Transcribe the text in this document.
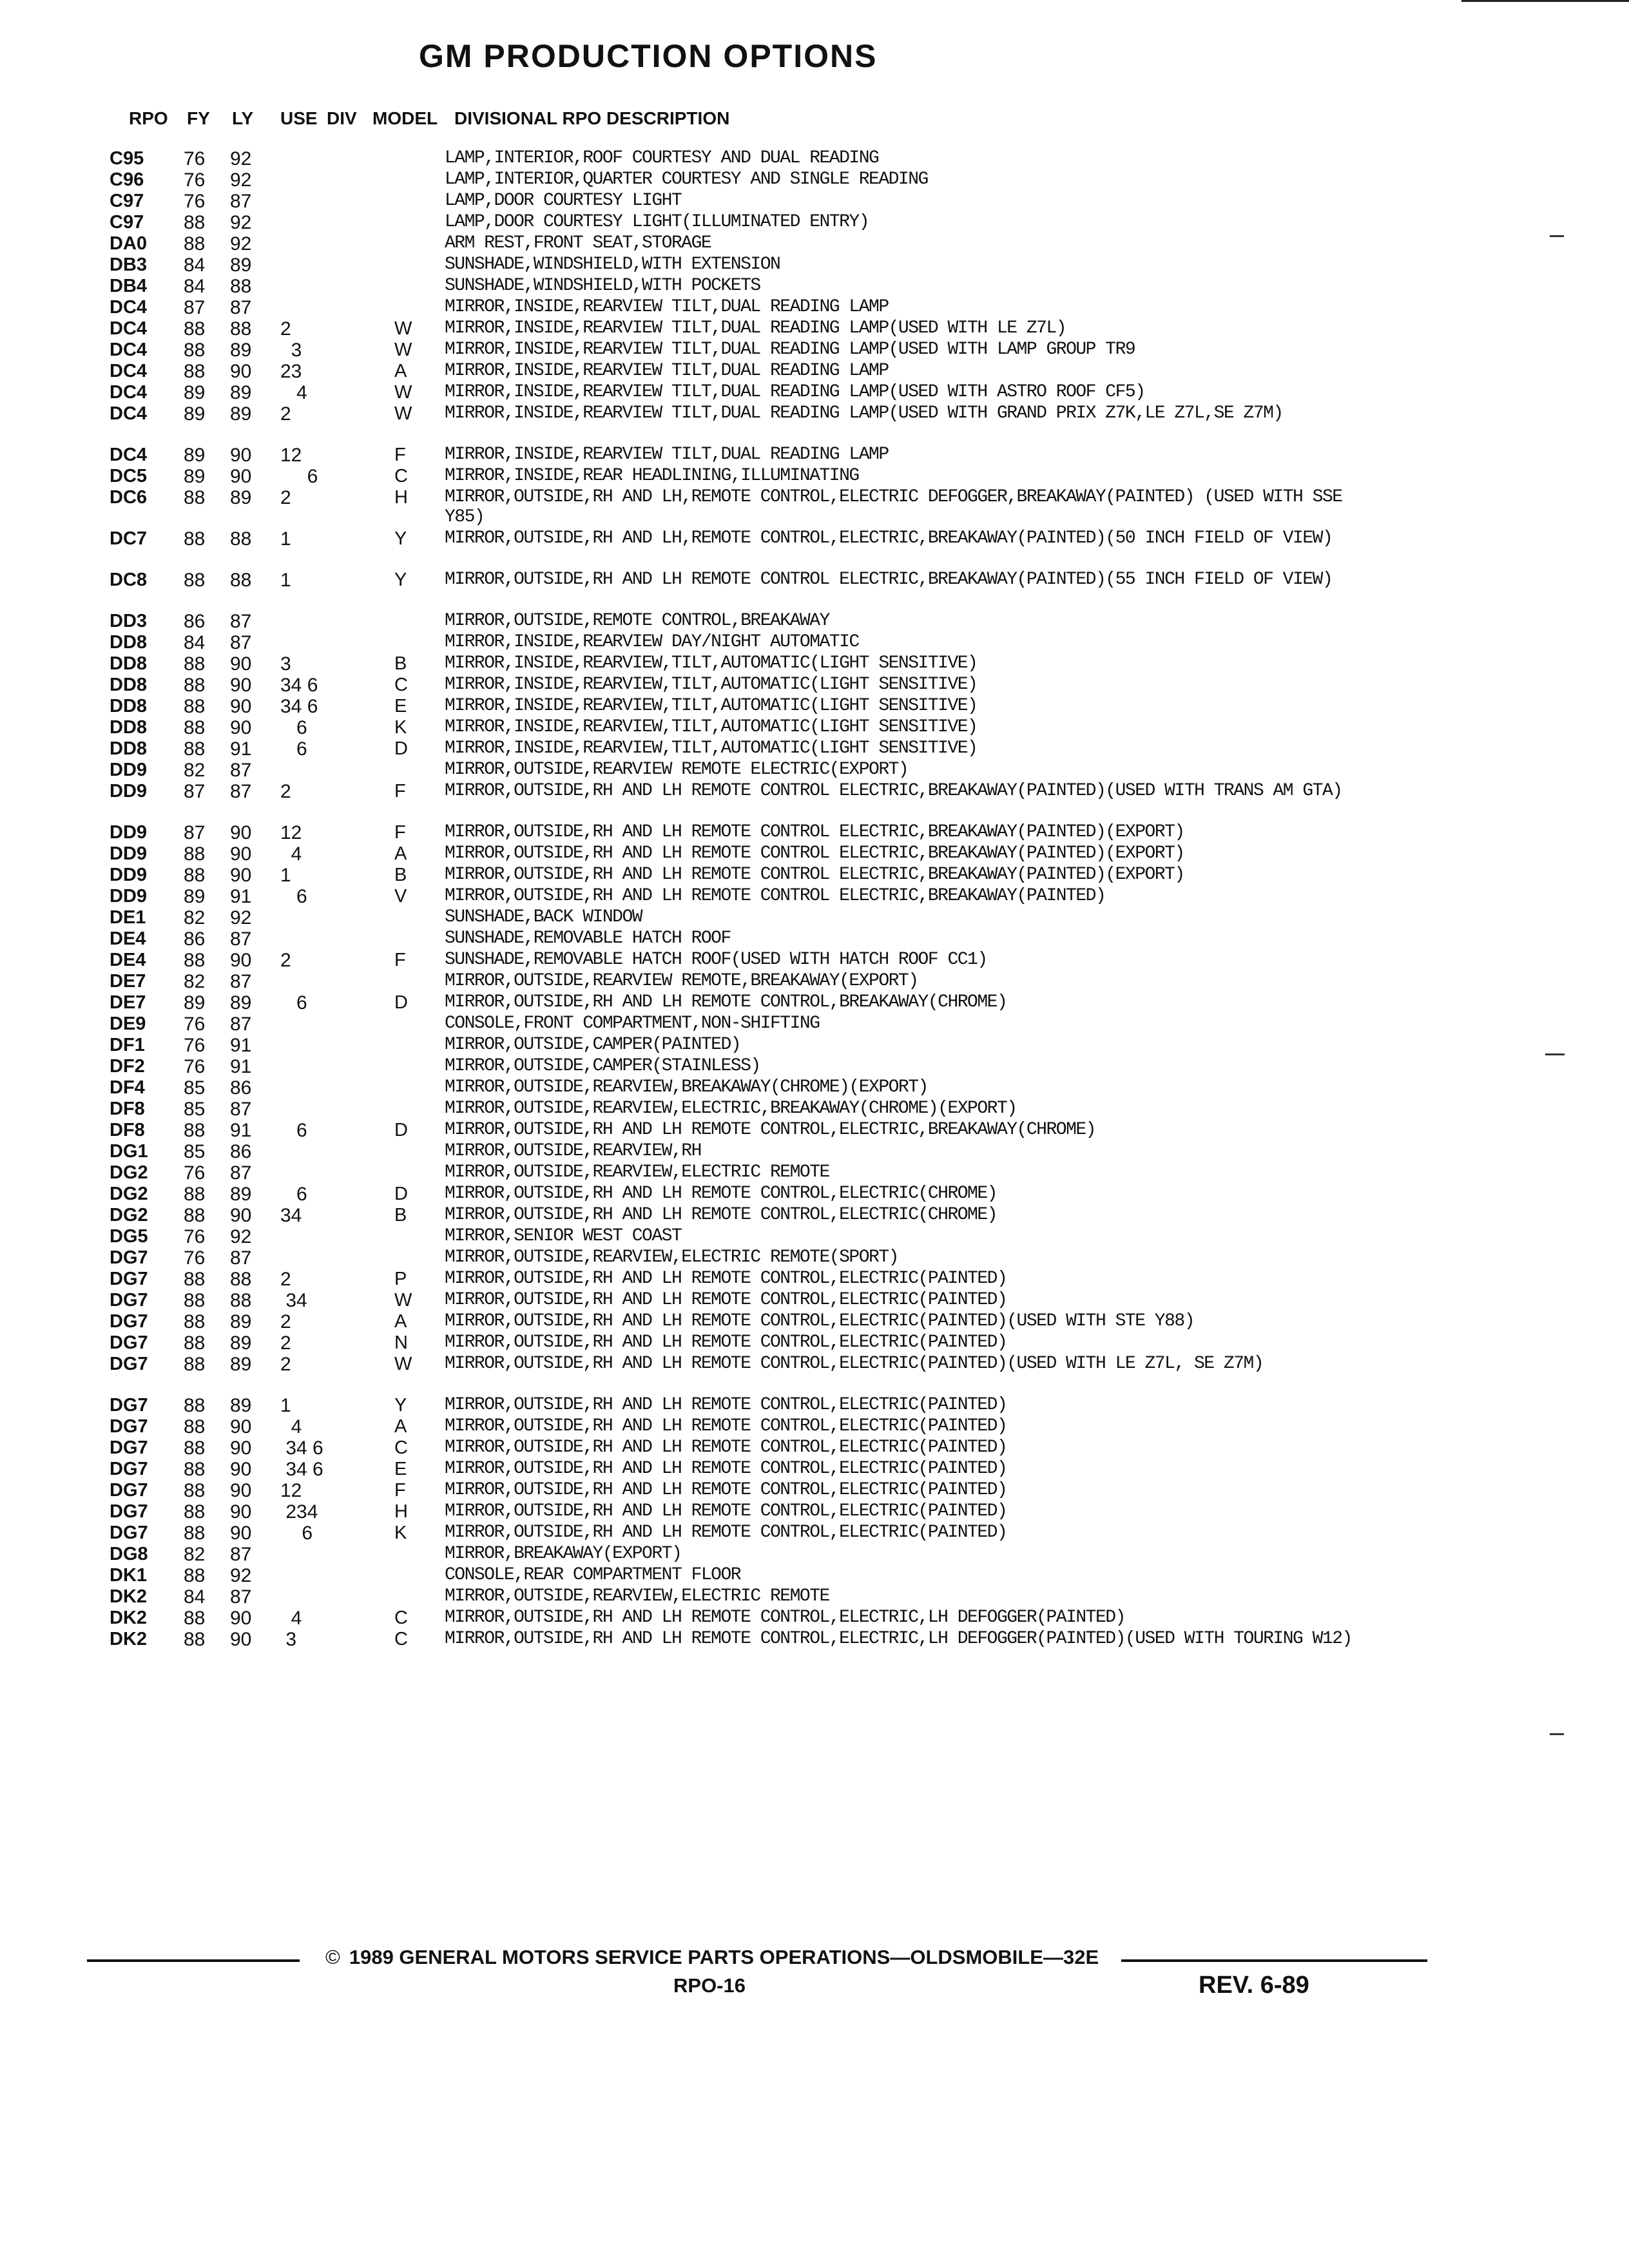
GM PRODUCTION OPTIONS
RPO FY LY USE DIV MODEL DIVISIONAL RPO DESCRIPTION
C95 76 92	LAMP,INTERIOR,ROOF COURTESY AND DUAL READING
C96 76 92	LAMP,INTERIOR,QUARTER COURTESY AND SINGLE READING
C97 76 87	LAMP,DOOR COURTESY LIGHT
C97 88 92	LAMP,DOOR COURTESY LIGHT(ILLUMINATED ENTRY)
DA0 88 92	ARM REST,FRONT SEAT,STORAGE
DB3 84 89	SUNSHADE,WINDSHIELD,WITH EXTENSION
DB4 84 88	SUNSHADE,WINDSHIELD,WITH POCKETS
DC4 87 87	MIRROR,INSIDE,REARVIEW TILT,DUAL READING LAMP
DC4 88 88 2	W MIRROR,INSIDE,REARVIEW TILT,DUAL READING LAMP(USED WITH LE Z7L)
DC4 88 89 3	W MIRROR,INSIDE,REARVIEW TILT,DUAL READING LAMP(USED WITH LAMP GROUP TR9
DC4 88 90 23	A MIRROR,INSIDE,REARVIEW TILT,DUAL READING LAMP
DC4 89 89 4	W MIRROR,INSIDE,REARVIEW TILT,DUAL READING LAMP(USED WITH ASTRO ROOF CF5)
DC4 89 89 2	W MIRROR,INSIDE,REARVIEW TILT,DUAL READING LAMP(USED WITH GRAND PRIX Z7K,LE Z7L,SE Z7M)
DC4 89 90 12	F MIRROR,INSIDE,REARVIEW TILT,DUAL READING LAMP
DC5 89 90 6	C MIRROR,INSIDE,REAR HEADLINING,ILLUMINATING
DC6 88 89 2	H MIRROR,OUTSIDE,RH AND LH,REMOTE CONTROL,ELECTRIC DEFOGGER,BREAKAWAY(PAINTED) (USED WITH SSE Y85)
DC7 88 88 1	Y MIRROR,OUTSIDE,RH AND LH,REMOTE CONTROL,ELECTRIC,BREAKAWAY(PAINTED)(50 INCH FIELD OF VIEW)
DC8 88 88 1	Y MIRROR,OUTSIDE,RH AND LH REMOTE CONTROL ELECTRIC,BREAKAWAY(PAINTED)(55 INCH FIELD OF VIEW)
DD3 86 87	MIRROR,OUTSIDE,REMOTE CONTROL,BREAKAWAY
DD8 84 87	MIRROR,INSIDE,REARVIEW DAY/NIGHT AUTOMATIC
DD8 88 90 3	B MIRROR,INSIDE,REARVIEW,TILT,AUTOMATIC(LIGHT SENSITIVE)
DD8 88 90 34 6	C MIRROR,INSIDE,REARVIEW,TILT,AUTOMATIC(LIGHT SENSITIVE)
DD8 88 90 34 6	E MIRROR,INSIDE,REARVIEW,TILT,AUTOMATIC(LIGHT SENSITIVE)
DD8 88 90 6	K MIRROR,INSIDE,REARVIEW,TILT,AUTOMATIC(LIGHT SENSITIVE)
DD8 88 91 6	D MIRROR,INSIDE,REARVIEW,TILT,AUTOMATIC(LIGHT SENSITIVE)
DD9 82 87	MIRROR,OUTSIDE,REARVIEW REMOTE ELECTRIC(EXPORT)
DD9 87 87 2	F MIRROR,OUTSIDE,RH AND LH REMOTE CONTROL ELECTRIC,BREAKAWAY(PAINTED)(USED WITH TRANS AM GTA)
DD9 87 90 12	F MIRROR,OUTSIDE,RH AND LH REMOTE CONTROL ELECTRIC,BREAKAWAY(PAINTED)(EXPORT)
DD9 88 90 4	A MIRROR,OUTSIDE,RH AND LH REMOTE CONTROL ELECTRIC,BREAKAWAY(PAINTED)(EXPORT)
DD9 88 90 1	B MIRROR,OUTSIDE,RH AND LH REMOTE CONTROL ELECTRIC,BREAKAWAY(PAINTED)(EXPORT)
DD9 89 91 6	V MIRROR,OUTSIDE,RH AND LH REMOTE CONTROL ELECTRIC,BREAKAWAY(PAINTED)
DE1 82 92	SUNSHADE,BACK WINDOW
DE4 86 87	SUNSHADE,REMOVABLE HATCH ROOF
DE4 88 90 2	F SUNSHADE,REMOVABLE HATCH ROOF(USED WITH HATCH ROOF CC1)
DE7 82 87	MIRROR,OUTSIDE,REARVIEW REMOTE,BREAKAWAY(EXPORT)
DE7 89 89 6	D MIRROR,OUTSIDE,RH AND LH REMOTE CONTROL,BREAKAWAY(CHROME)
DE9 76 87	CONSOLE,FRONT COMPARTMENT,NON-SHIFTING
DF1 76 91	MIRROR,OUTSIDE,CAMPER(PAINTED)
DF2 76 91	MIRROR,OUTSIDE,CAMPER(STAINLESS)
DF4 85 86	MIRROR,OUTSIDE,REARVIEW,BREAKAWAY(CHROME)(EXPORT)
DF8 85 87	MIRROR,OUTSIDE,REARVIEW,ELECTRIC,BREAKAWAY(CHROME)(EXPORT)
DF8 88 91 6	D MIRROR,OUTSIDE,RH AND LH REMOTE CONTROL,ELECTRIC,BREAKAWAY(CHROME)
DG1 85 86	MIRROR,OUTSIDE,REARVIEW,RH
DG2 76 87	MIRROR,OUTSIDE,REARVIEW,ELECTRIC REMOTE
DG2 88 89 6	D MIRROR,OUTSIDE,RH AND LH REMOTE CONTROL,ELECTRIC(CHROME)
DG2 88 90 34	B MIRROR,OUTSIDE,RH AND LH REMOTE CONTROL,ELECTRIC(CHROME)
DG5 76 92	MIRROR,SENIOR WEST COAST
DG7 76 87	MIRROR,OUTSIDE,REARVIEW,ELECTRIC REMOTE(SPORT)
DG7 88 88 2	P MIRROR,OUTSIDE,RH AND LH REMOTE CONTROL,ELECTRIC(PAINTED)
DG7 88 88 34	W MIRROR,OUTSIDE,RH AND LH REMOTE CONTROL,ELECTRIC(PAINTED)
DG7 88 89 2	A MIRROR,OUTSIDE,RH AND LH REMOTE CONTROL,ELECTRIC(PAINTED)(USED WITH STE Y88)
DG7 88 89 2	N MIRROR,OUTSIDE,RH AND LH REMOTE CONTROL,ELECTRIC(PAINTED)
DG7 88 89 2	W MIRROR,OUTSIDE,RH AND LH REMOTE CONTROL,ELECTRIC(PAINTED)(USED WITH LE Z7L, SE Z7M)
DG7 88 89 1	Y MIRROR,OUTSIDE,RH AND LH REMOTE CONTROL,ELECTRIC(PAINTED)
DG7 88 90 4	A MIRROR,OUTSIDE,RH AND LH REMOTE CONTROL,ELECTRIC(PAINTED)
DG7 88 90 34 6	C MIRROR,OUTSIDE,RH AND LH REMOTE CONTROL,ELECTRIC(PAINTED)
DG7 88 90 34 6	E MIRROR,OUTSIDE,RH AND LH REMOTE CONTROL,ELECTRIC(PAINTED)
DG7 88 90 12	F MIRROR,OUTSIDE,RH AND LH REMOTE CONTROL,ELECTRIC(PAINTED)
DG7 88 90 234	H MIRROR,OUTSIDE,RH AND LH REMOTE CONTROL,ELECTRIC(PAINTED)
DG7 88 90 6	K MIRROR,OUTSIDE,RH AND LH REMOTE CONTROL,ELECTRIC(PAINTED)
DG8 82 87	MIRROR,BREAKAWAY(EXPORT)
DK1 88 92	CONSOLE,REAR COMPARTMENT FLOOR
DK2 84 87	MIRROR,OUTSIDE,REARVIEW,ELECTRIC REMOTE
DK2 88 90 4	C MIRROR,OUTSIDE,RH AND LH REMOTE CONTROL,ELECTRIC,LH DEFOGGER(PAINTED)
DK2 88 90 3	C MIRROR,OUTSIDE,RH AND LH REMOTE CONTROL,ELECTRIC,LH DEFOGGER(PAINTED)(USED WITH TOURING W12)
© 1989 GENERAL MOTORS SERVICE PARTS OPERATIONS—OLDSMOBILE—32E
RPO-16	REV. 6-89
